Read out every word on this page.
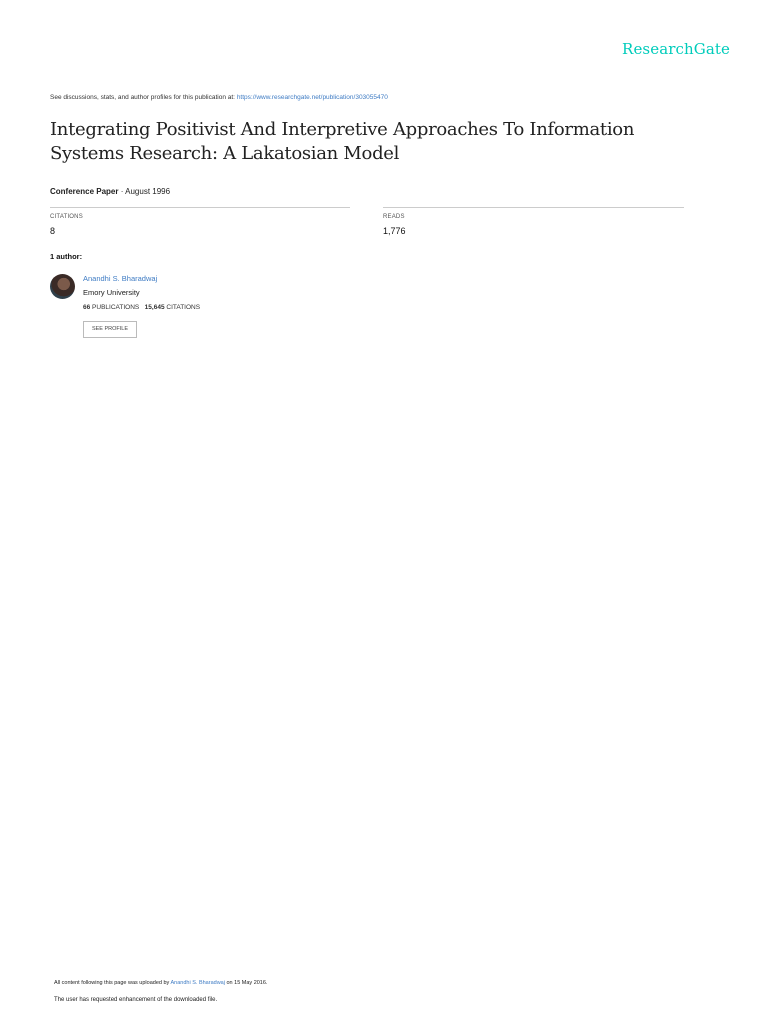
ResearchGate
See discussions, stats, and author profiles for this publication at: https://www.researchgate.net/publication/303055470
Integrating Positivist And Interpretive Approaches To Information Systems Research: A Lakatosian Model
Conference Paper · August 1996
CITATIONS
8
READS
1,776
1 author:
Anandhi S. Bharadwaj
Emory University
66 PUBLICATIONS 15,645 CITATIONS
SEE PROFILE
All content following this page was uploaded by Anandhi S. Bharadwaj on 15 May 2016.
The user has requested enhancement of the downloaded file.
